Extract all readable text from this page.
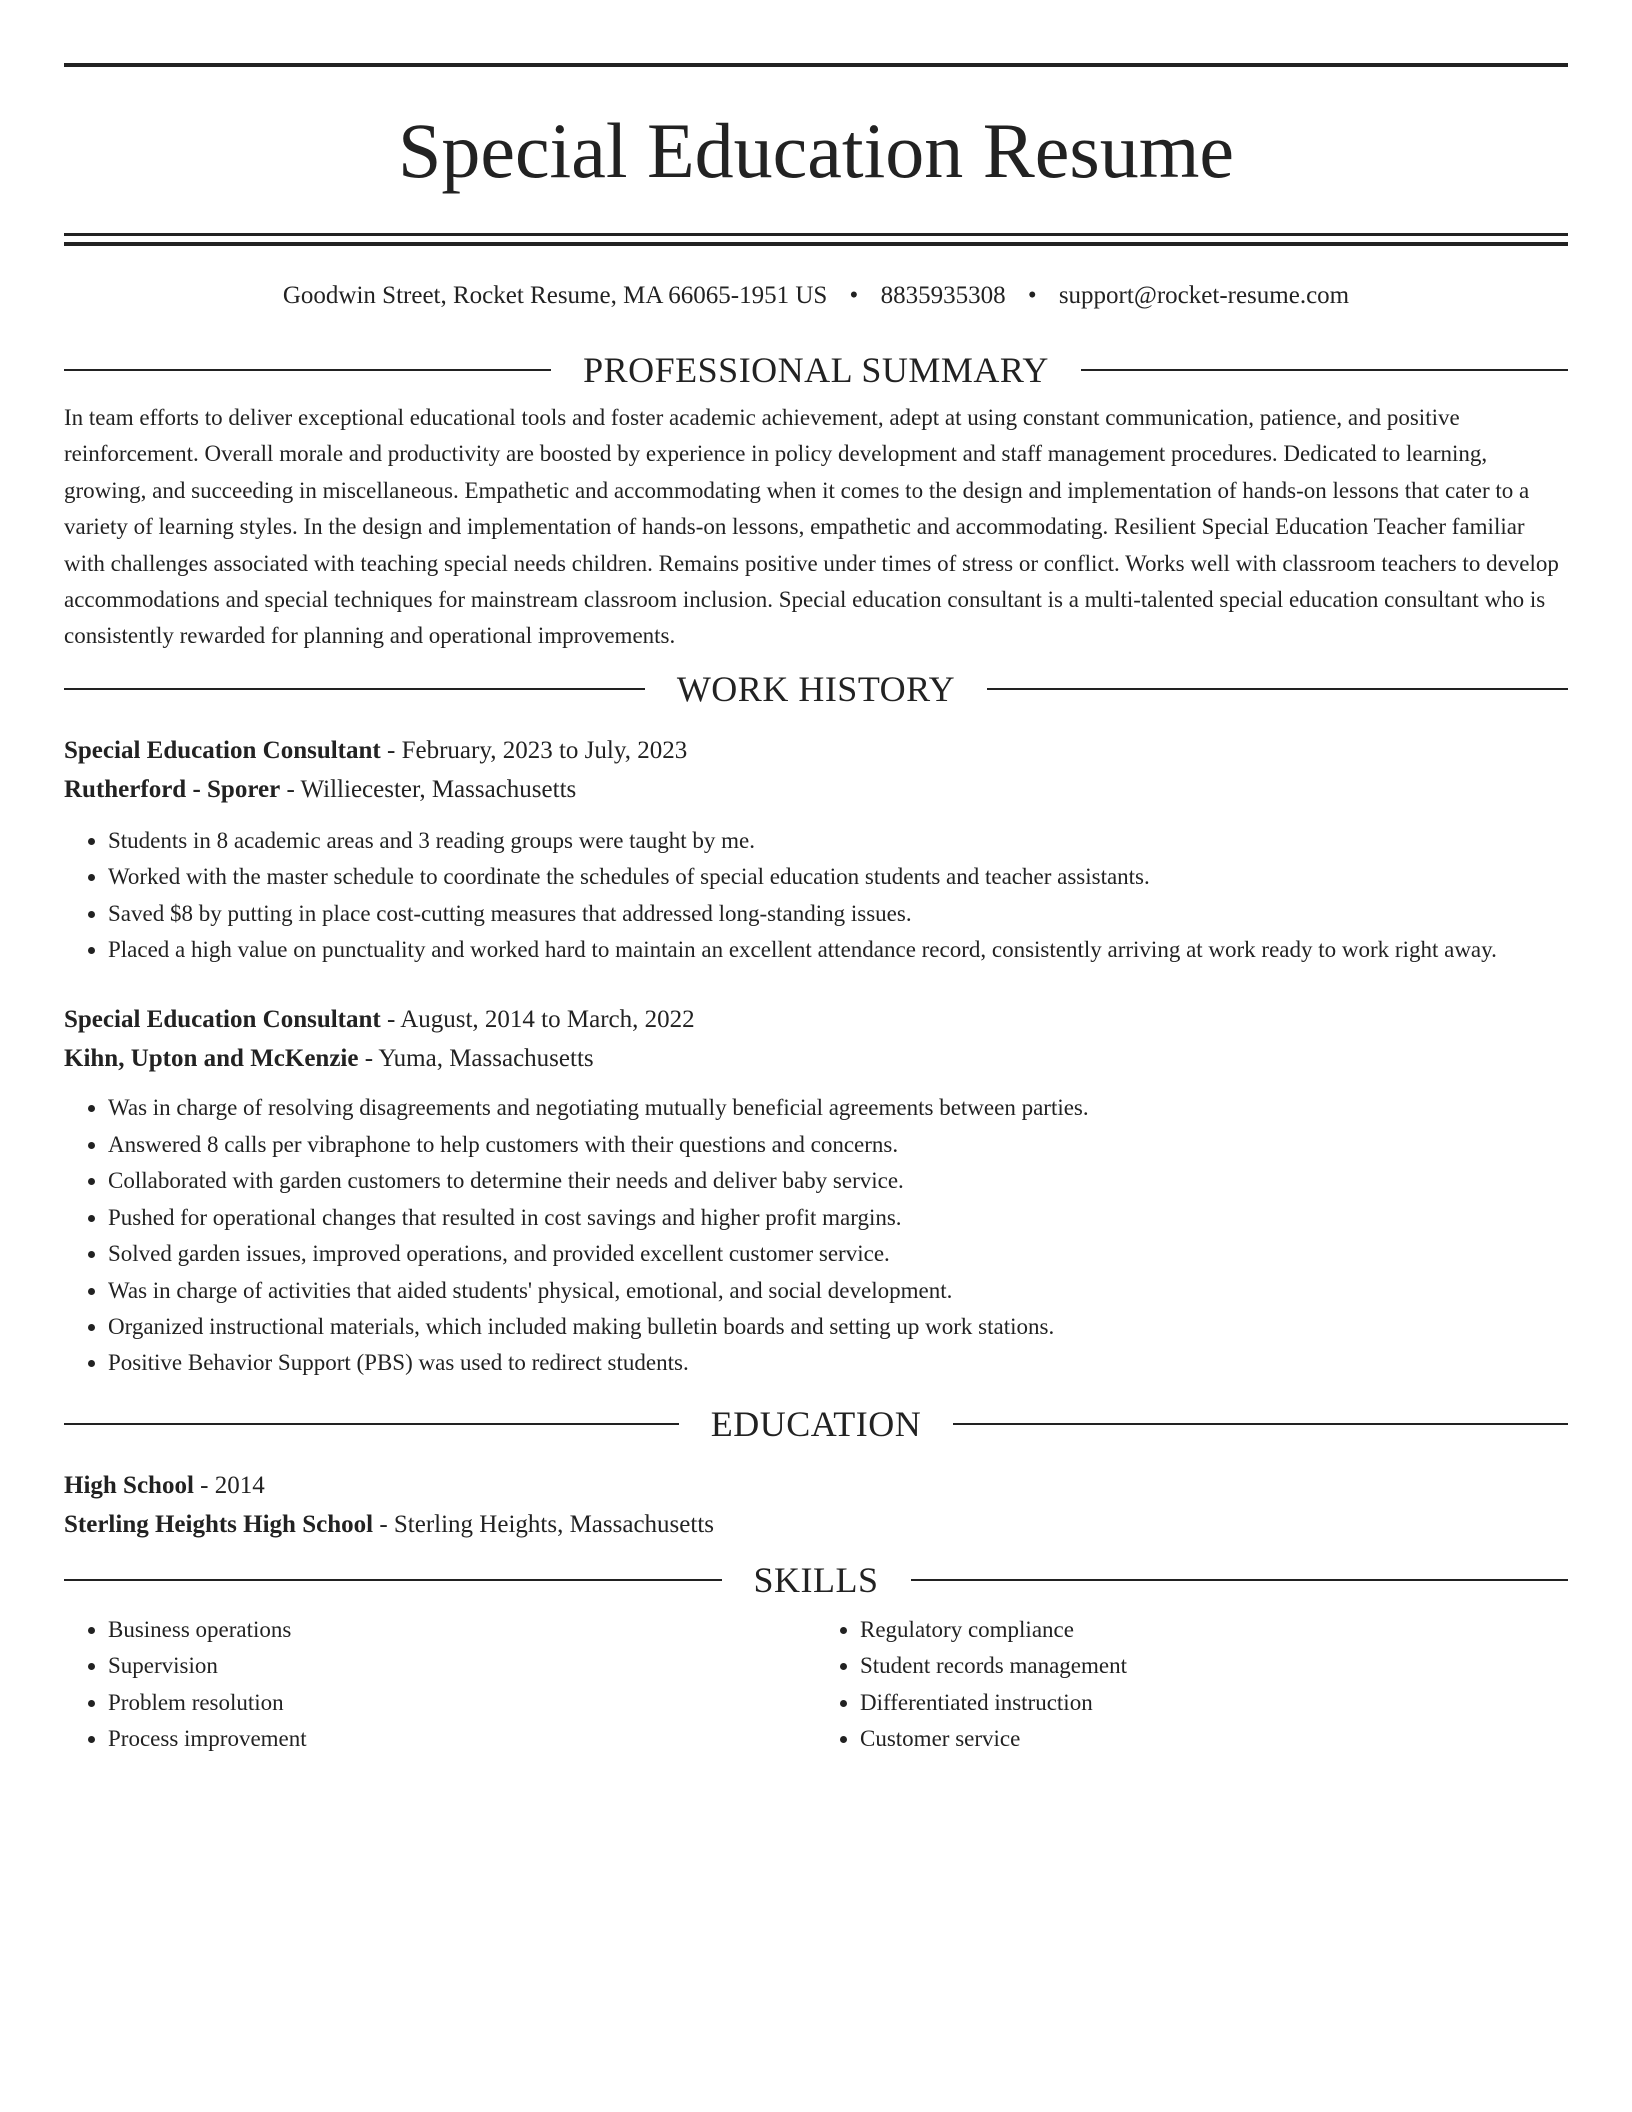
Special Education Resume
Goodwin Street, Rocket Resume, MA 66065-1951 US • 8835935308 • support@rocket-resume.com
PROFESSIONAL SUMMARY

In team efforts to deliver exceptional educational tools and foster academic achievement, adept at using constant communication, patience, and positive reinforcement. Overall morale and productivity are boosted by experience in policy development and staff management procedures. Dedicated to learning, growing, and succeeding in miscellaneous. Empathetic and accommodating when it comes to the design and implementation of hands-on lessons that cater to a variety of learning styles. In the design and implementation of hands-on lessons, empathetic and accommodating. Resilient Special Education Teacher familiar with challenges associated with teaching special needs children. Remains positive under times of stress or conflict. Works well with classroom teachers to develop accommodations and special techniques for mainstream classroom inclusion. Special education consultant is a multi-talented special education consultant who is consistently rewarded for planning and operational improvements.

WORK HISTORY
Special Education Consultant - February, 2023 to July, 2023
Rutherford - Sporer - Williecester, Massachusetts
• Students in 8 academic areas and 3 reading groups were taught by me.
• Worked with the master schedule to coordinate the schedules of special education students and teacher assistants.
• Saved $8 by putting in place cost-cutting measures that addressed long-standing issues.
• Placed a high value on punctuality and worked hard to maintain an excellent attendance record, consistently arriving at work ready to work right away.
Special Education Consultant - August, 2014 to March, 2022
Kihn, Upton and McKenzie - Yuma, Massachusetts
• Was in charge of resolving disagreements and negotiating mutually beneficial agreements between parties.
• Answered 8 calls per vibraphone to help customers with their questions and concerns.
• Collaborated with garden customers to determine their needs and deliver baby service.
• Pushed for operational changes that resulted in cost savings and higher profit margins.
• Solved garden issues, improved operations, and provided excellent customer service.
• Was in charge of activities that aided students' physical, emotional, and social development.
• Organized instructional materials, which included making bulletin boards and setting up work stations.
• Positive Behavior Support (PBS) was used to redirect students.
EDUCATION
High School - 2014
Sterling Heights High School - Sterling Heights, Massachusetts
SKILLS
• Business operations
• Supervision
• Problem resolution
• Process improvement
• Regulatory compliance
• Student records management
• Differentiated instruction
• Customer service
